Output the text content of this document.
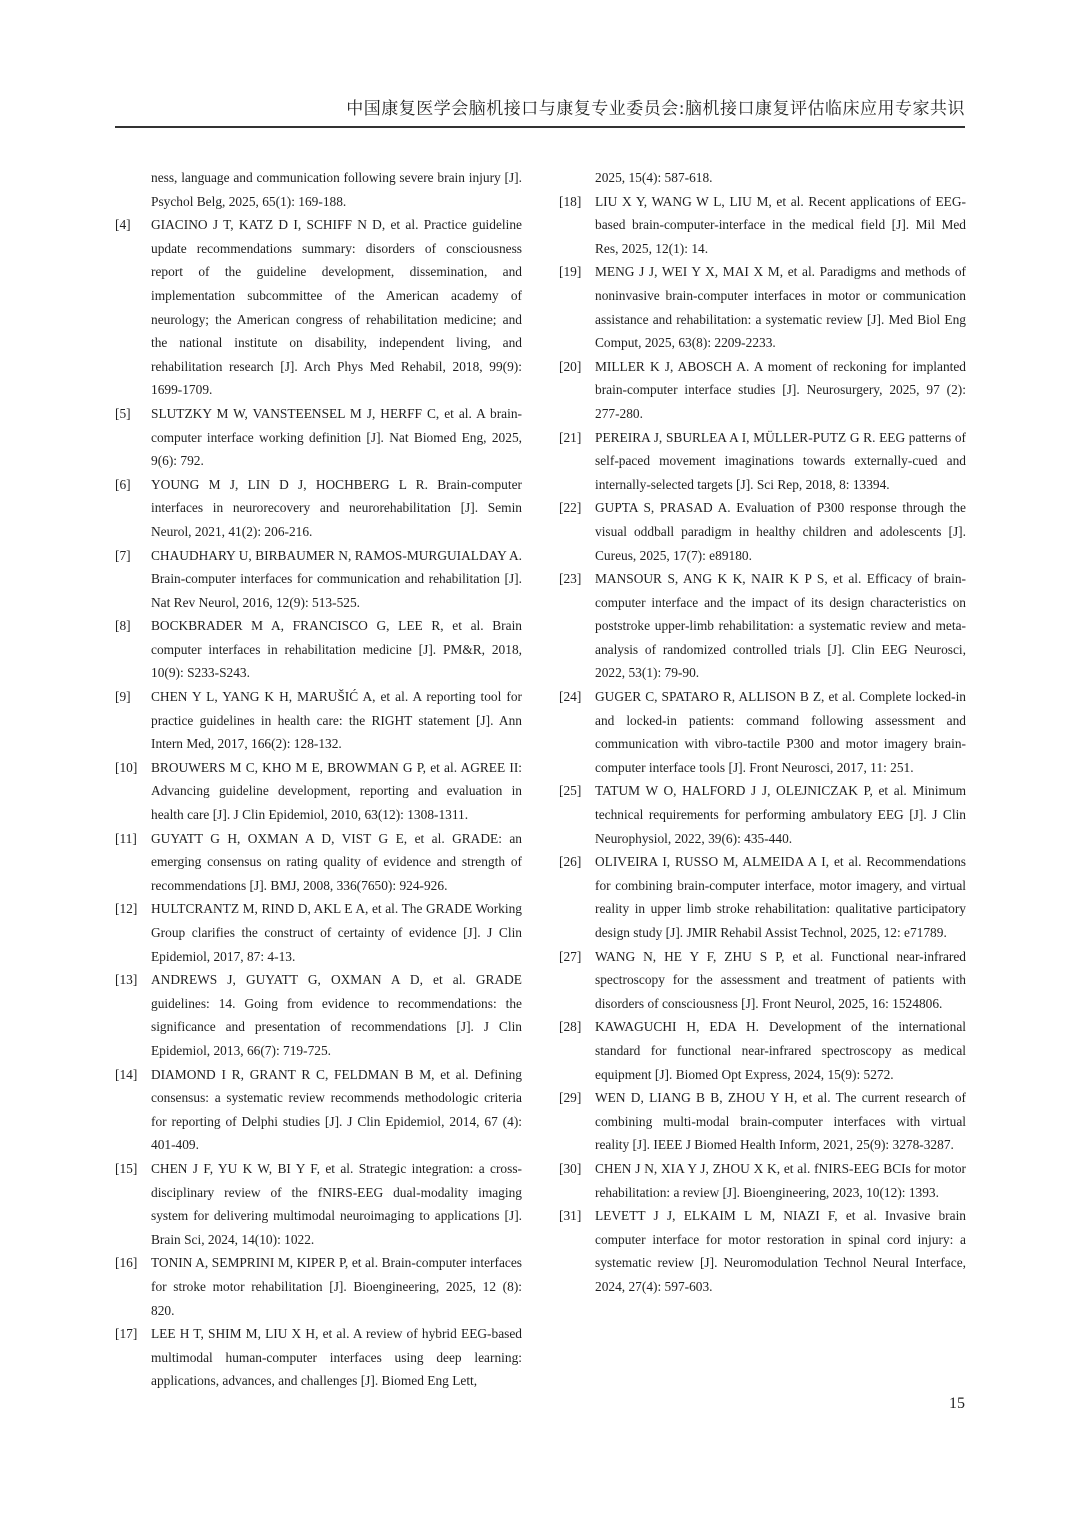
中国康复医学会脑机接口与康复专业委员会:脑机接口康复评估临床应用专家共识
ness, language and communication following severe brain injury [J]. Psychol Belg, 2025, 65(1): 169-188.
[4] GIACINO J T, KATZ D I, SCHIFF N D, et al. Practice guideline update recommendations summary: disorders of consciousness report of the guideline development, dissemination, and implementation subcommittee of the American academy of neurology; the American congress of rehabilitation medicine; and the national institute on disability, independent living, and rehabilitation research [J]. Arch Phys Med Rehabil, 2018, 99(9): 1699-1709.
[5] SLUTZKY M W, VANSTEENSEL M J, HERFF C, et al. A brain-computer interface working definition [J]. Nat Biomed Eng, 2025, 9(6): 792.
[6] YOUNG M J, LIN D J, HOCHBERG L R. Brain-computer interfaces in neurorecovery and neurorehabilitation [J]. Semin Neurol, 2021, 41(2): 206-216.
[7] CHAUDHARY U, BIRBAUMER N, RAMOS-MURGUIALDAY A. Brain-computer interfaces for communication and rehabilitation [J]. Nat Rev Neurol, 2016, 12(9): 513-525.
[8] BOCKBRADER M A, FRANCISCO G, LEE R, et al. Brain computer interfaces in rehabilitation medicine [J]. PM&R, 2018, 10(9): S233-S243.
[9] CHEN Y L, YANG K H, MARUŠIĆ A, et al. A reporting tool for practice guidelines in health care: the RIGHT statement [J]. Ann Intern Med, 2017, 166(2): 128-132.
[10] BROUWERS M C, KHO M E, BROWMAN G P, et al. AGREE II: Advancing guideline development, reporting and evaluation in health care [J]. J Clin Epidemiol, 2010, 63(12): 1308-1311.
[11] GUYATT G H, OXMAN A D, VIST G E, et al. GRADE: an emerging consensus on rating quality of evidence and strength of recommendations [J]. BMJ, 2008, 336(7650): 924-926.
[12] HULTCRANTZ M, RIND D, AKL E A, et al. The GRADE Working Group clarifies the construct of certainty of evidence [J]. J Clin Epidemiol, 2017, 87: 4-13.
[13] ANDREWS J, GUYATT G, OXMAN A D, et al. GRADE guidelines: 14. Going from evidence to recommendations: the significance and presentation of recommendations [J]. J Clin Epidemiol, 2013, 66(7): 719-725.
[14] DIAMOND I R, GRANT R C, FELDMAN B M, et al. Defining consensus: a systematic review recommends methodologic criteria for reporting of Delphi studies [J]. J Clin Epidemiol, 2014, 67 (4): 401-409.
[15] CHEN J F, YU K W, BI Y F, et al. Strategic integration: a cross-disciplinary review of the fNIRS-EEG dual-modality imaging system for delivering multimodal neuroimaging to applications [J]. Brain Sci, 2024, 14(10): 1022.
[16] TONIN A, SEMPRINI M, KIPER P, et al. Brain-computer interfaces for stroke motor rehabilitation [J]. Bioengineering, 2025, 12 (8): 820.
[17] LEE H T, SHIM M, LIU X H, et al. A review of hybrid EEG-based multimodal human-computer interfaces using deep learning: applications, advances, and challenges [J]. Biomed Eng Lett,
2025, 15(4): 587-618.
[18] LIU X Y, WANG W L, LIU M, et al. Recent applications of EEG-based brain-computer-interface in the medical field [J]. Mil Med Res, 2025, 12(1): 14.
[19] MENG J J, WEI Y X, MAI X M, et al. Paradigms and methods of noninvasive brain-computer interfaces in motor or communication assistance and rehabilitation: a systematic review [J]. Med Biol Eng Comput, 2025, 63(8): 2209-2233.
[20] MILLER K J, ABOSCH A. A moment of reckoning for implanted brain-computer interface studies [J]. Neurosurgery, 2025, 97 (2): 277-280.
[21] PEREIRA J, SBURLEA A I, MÜLLER-PUTZ G R. EEG patterns of self-paced movement imaginations towards externally-cued and internally-selected targets [J]. Sci Rep, 2018, 8: 13394.
[22] GUPTA S, PRASAD A. Evaluation of P300 response through the visual oddball paradigm in healthy children and adolescents [J]. Cureus, 2025, 17(7): e89180.
[23] MANSOUR S, ANG K K, NAIR K P S, et al. Efficacy of brain-computer interface and the impact of its design characteristics on poststroke upper-limb rehabilitation: a systematic review and meta-analysis of randomized controlled trials [J]. Clin EEG Neurosci, 2022, 53(1): 79-90.
[24] GUGER C, SPATARO R, ALLISON B Z, et al. Complete locked-in and locked-in patients: command following assessment and communication with vibro-tactile P300 and motor imagery brain-computer interface tools [J]. Front Neurosci, 2017, 11: 251.
[25] TATUM W O, HALFORD J J, OLEJNICZAK P, et al. Minimum technical requirements for performing ambulatory EEG [J]. J Clin Neurophysiol, 2022, 39(6): 435-440.
[26] OLIVEIRA I, RUSSO M, ALMEIDA A I, et al. Recommendations for combining brain-computer interface, motor imagery, and virtual reality in upper limb stroke rehabilitation: qualitative participatory design study [J]. JMIR Rehabil Assist Technol, 2025, 12: e71789.
[27] WANG N, HE Y F, ZHU S P, et al. Functional near-infrared spectroscopy for the assessment and treatment of patients with disorders of consciousness [J]. Front Neurol, 2025, 16: 1524806.
[28] KAWAGUCHI H, EDA H. Development of the international standard for functional near-infrared spectroscopy as medical equipment [J]. Biomed Opt Express, 2024, 15(9): 5272.
[29] WEN D, LIANG B B, ZHOU Y H, et al. The current research of combining multi-modal brain-computer interfaces with virtual reality [J]. IEEE J Biomed Health Inform, 2021, 25(9): 3278-3287.
[30] CHEN J N, XIA Y J, ZHOU X K, et al. fNIRS-EEG BCIs for motor rehabilitation: a review [J]. Bioengineering, 2023, 10(12): 1393.
[31] LEVETT J J, ELKAIM L M, NIAZI F, et al. Invasive brain computer interface for motor restoration in spinal cord injury: a systematic review [J]. Neuromodulation Technol Neural Interface, 2024, 27(4): 597-603.
15
